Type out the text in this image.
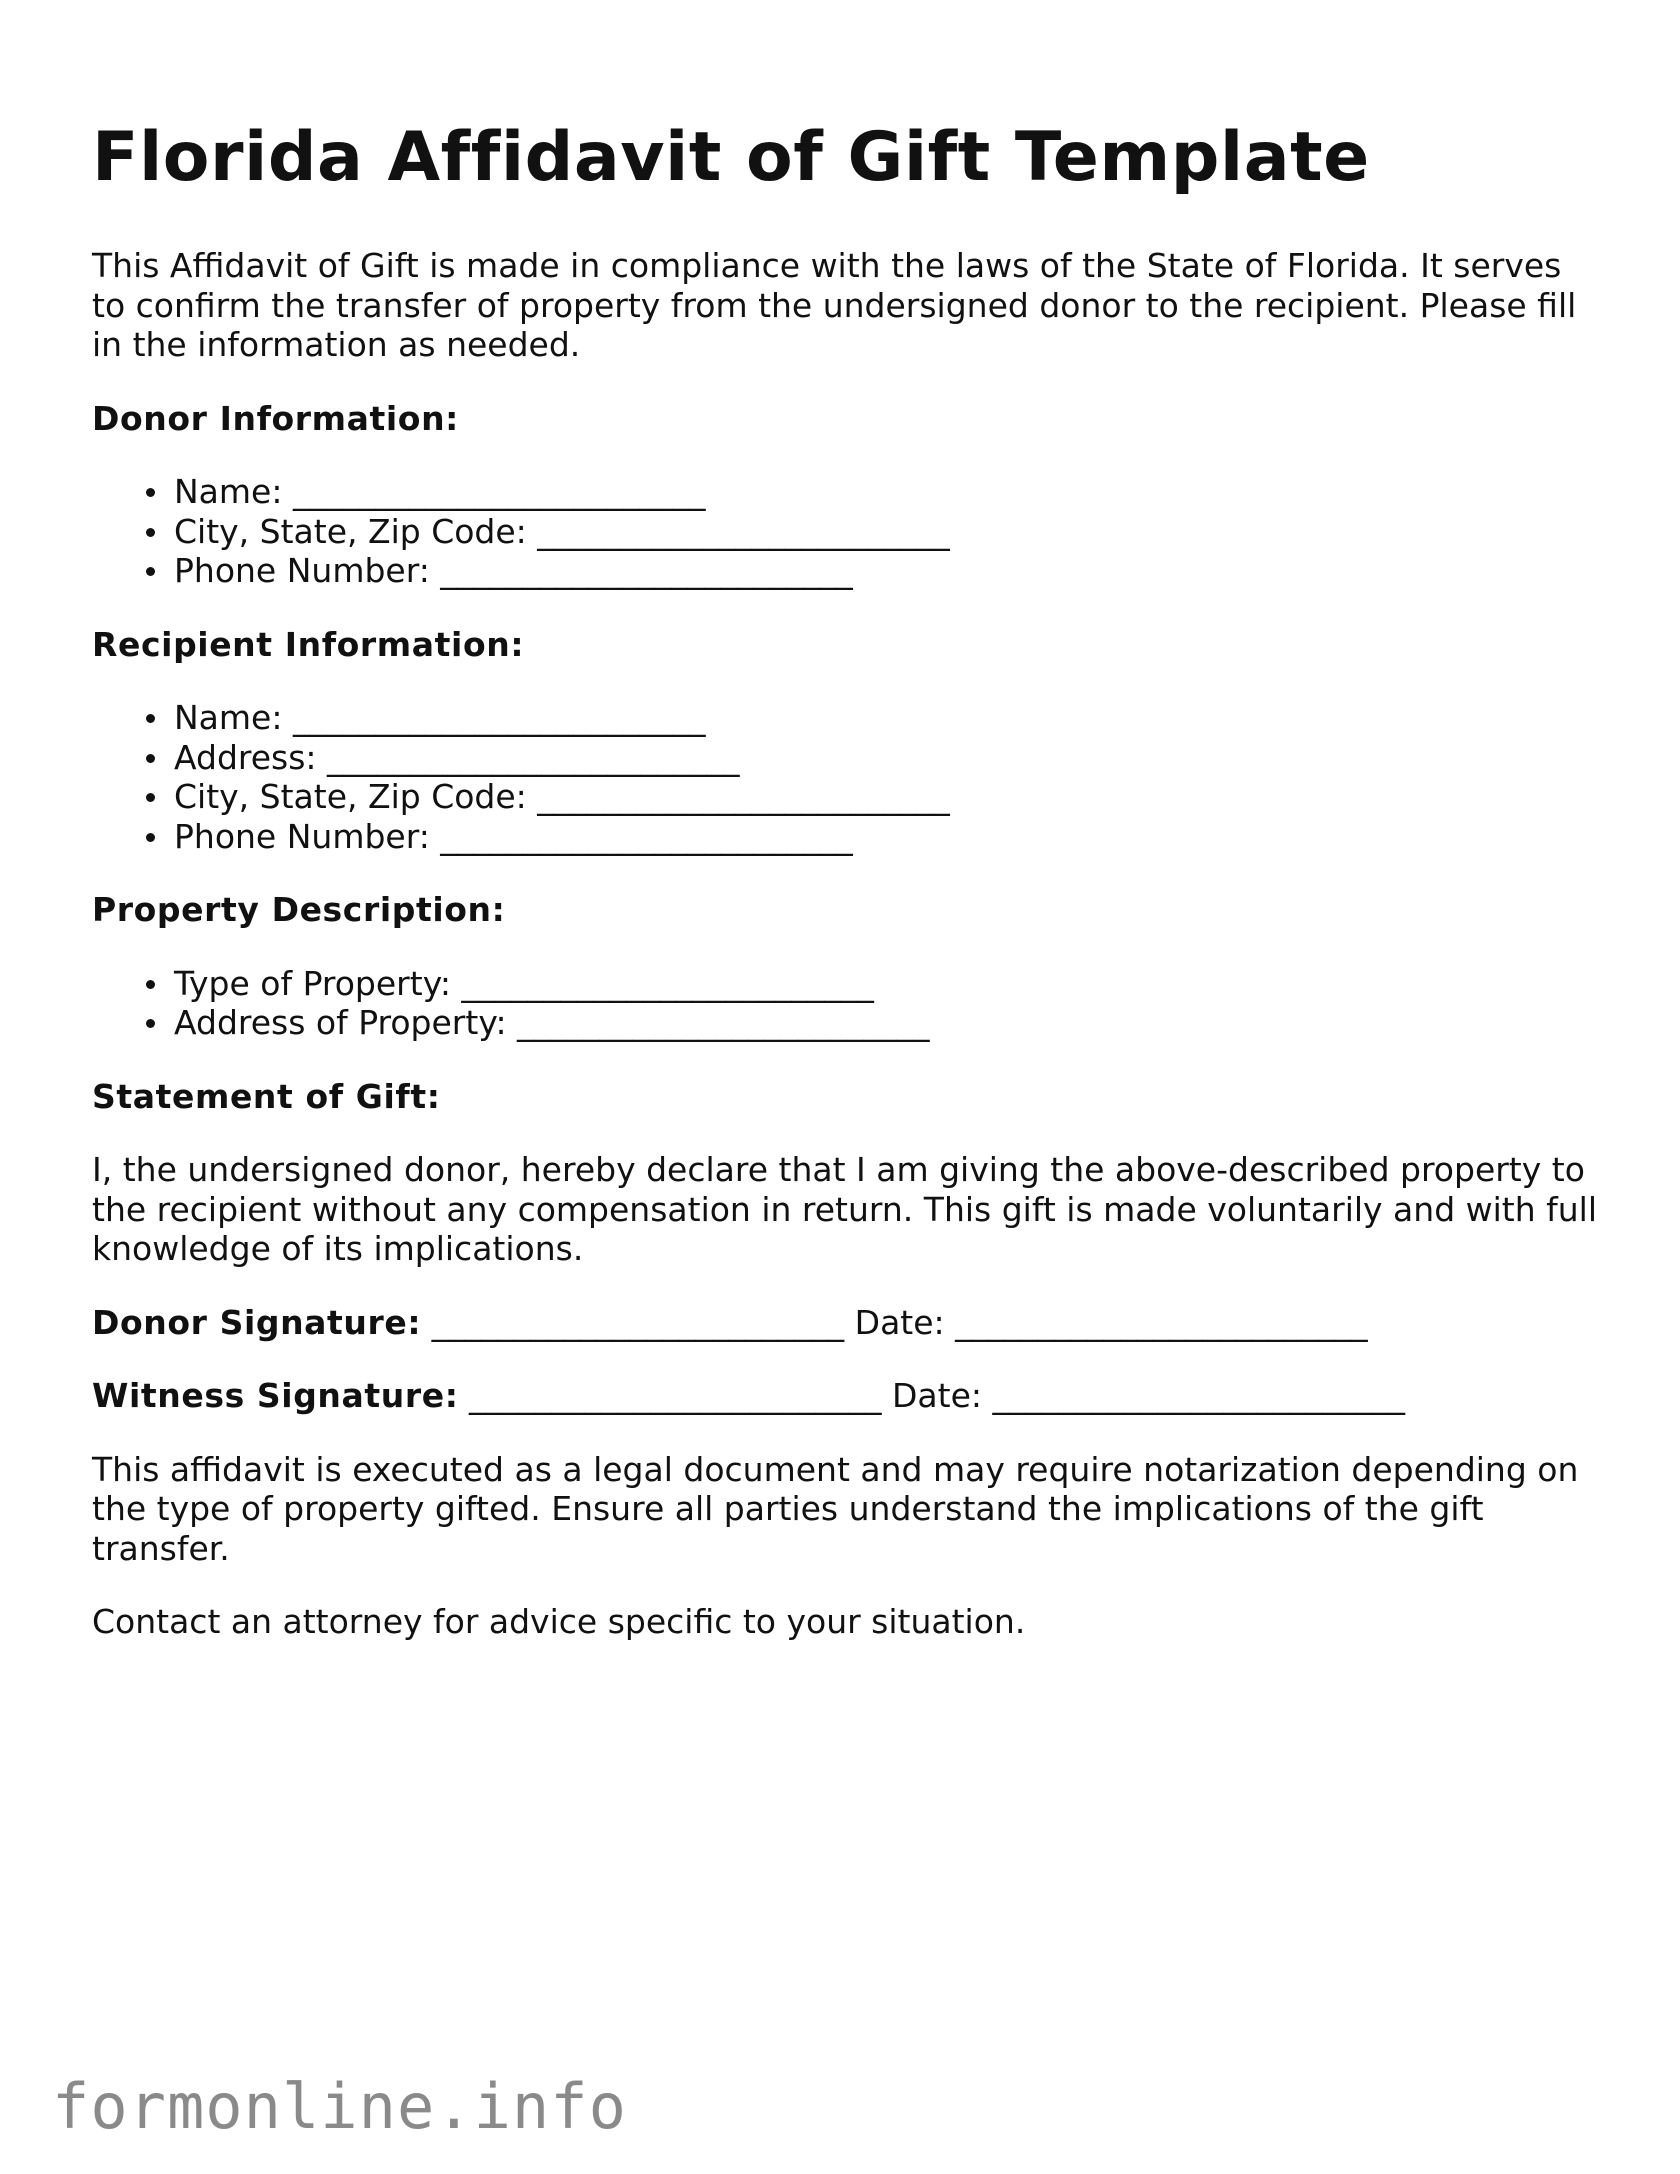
Florida Affidavit of Gift Template

This Affidavit of Gift is made in compliance with the laws of the State of Florida. It serves to confirm the transfer of property from the undersigned donor to the recipient. Please fill in the information as needed.

Donor Information:

Name: _________________________
City, State, Zip Code: _________________________
Phone Number: _________________________

Recipient Information:

Name: _________________________
Address: _________________________
City, State, Zip Code: _________________________
Phone Number: _________________________

Property Description:

Type of Property: _________________________
Address of Property: _________________________

Statement of Gift:

I, the undersigned donor, hereby declare that I am giving the above-described property to the recipient without any compensation in return. This gift is made voluntarily and with full knowledge of its implications.

Donor Signature: _________________________ Date: _________________________

Witness Signature: _________________________ Date: _________________________

This affidavit is executed as a legal document and may require notarization depending on the type of property gifted. Ensure all parties understand the implications of the gift transfer.

Contact an attorney for advice specific to your situation.

formonline.info
